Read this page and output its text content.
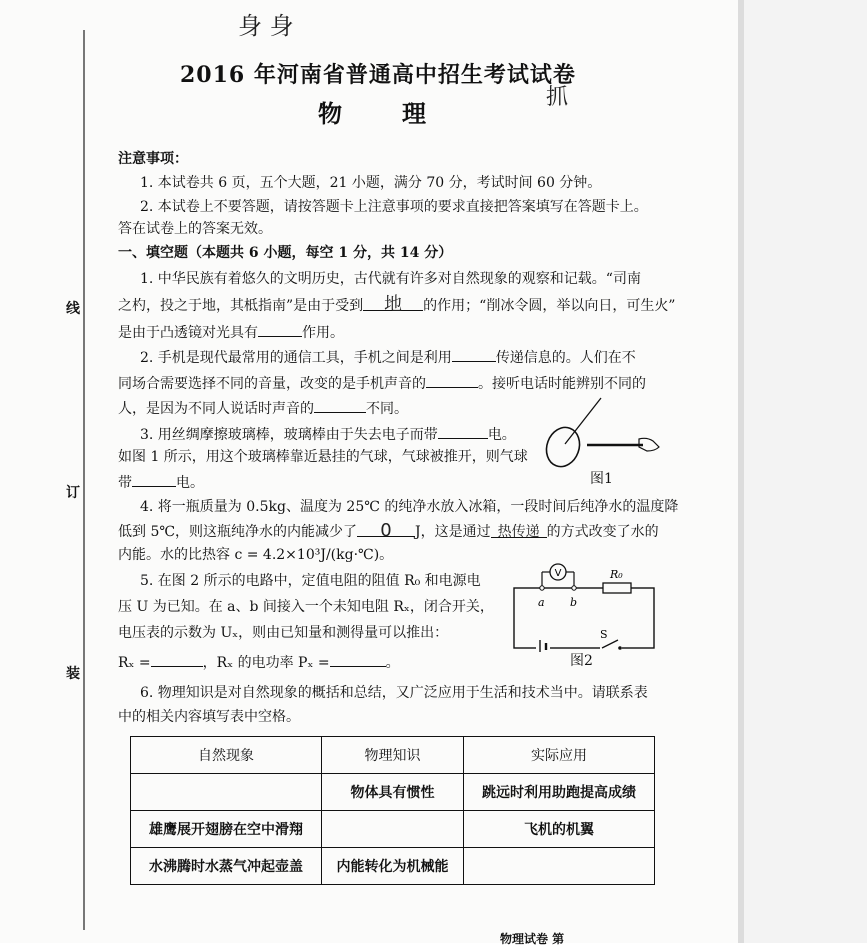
线
订
装
身 身
2016 年河南省普通高中招生考试试卷
抓
物理
注意事项：
1. 本试卷共 6 页，五个大题，21 小题，满分 70 分，考试时间 60 分钟。
2. 本试卷上不要答题，请按答题卡上注意事项的要求直接把答案填写在答题卡上。
答在试卷上的答案无效。
一、填空题（本题共 6 小题，每空 1 分，共 14 分）
1. 中华民族有着悠久的文明历史，古代就有许多对自然现象的观察和记载。“司南
之杓，投之于地，其柢指南”是由于受到 地 的作用；“削冰令圆，举以向日，可生火”
是由于凸透镜对光具有	作用。
2. 手机是现代最常用的通信工具，手机之间是利用	传递信息的。人们在不
同场合需要选择不同的音量，改变的是手机声音的	。接听电话时能辨别不同的
人，是因为不同人说话时声音的	不同。
3. 用丝绸摩擦玻璃棒，玻璃棒由于失去电子而带	电。
如图 1 所示，用这个玻璃棒靠近悬挂的气球，气球被推开，则气球
带	电。	图1
4. 将一瓶质量为 0.5kg、温度为 25℃ 的纯净水放入冰箱，一段时间后纯净水的温度降
低到 5℃，则这瓶纯净水的内能减少了 0 J，这是通过 热传递 的方式改变了水的
内能。水的比热容 c = 4.2×10³J/(kg·℃)。
5. 在图 2 所示的电路中，定值电阻的阻值 R₀ 和电源电
压 U 为已知。在 a、b 间接入一个未知电阻 Rₓ，闭合开关，
电压表的示数为 Uₓ，则由已知量和测得量可以推出：
Rₓ =	，Rₓ 的电功率 Pₓ =	。
V	R₀
a b
S
图2
6. 物理知识是对自然现象的概括和总结，又广泛应用于生活和技术当中。请联系表
中的相关内容填写表中空格。
自然现象	物理知识	实际应用
	物体具有惯性	跳远时利用助跑提高成绩
雄鹰展开翅膀在空中滑翔		飞机的机翼
水沸腾时水蒸气冲起壶盖	内能转化为机械能	
物理试卷 第
